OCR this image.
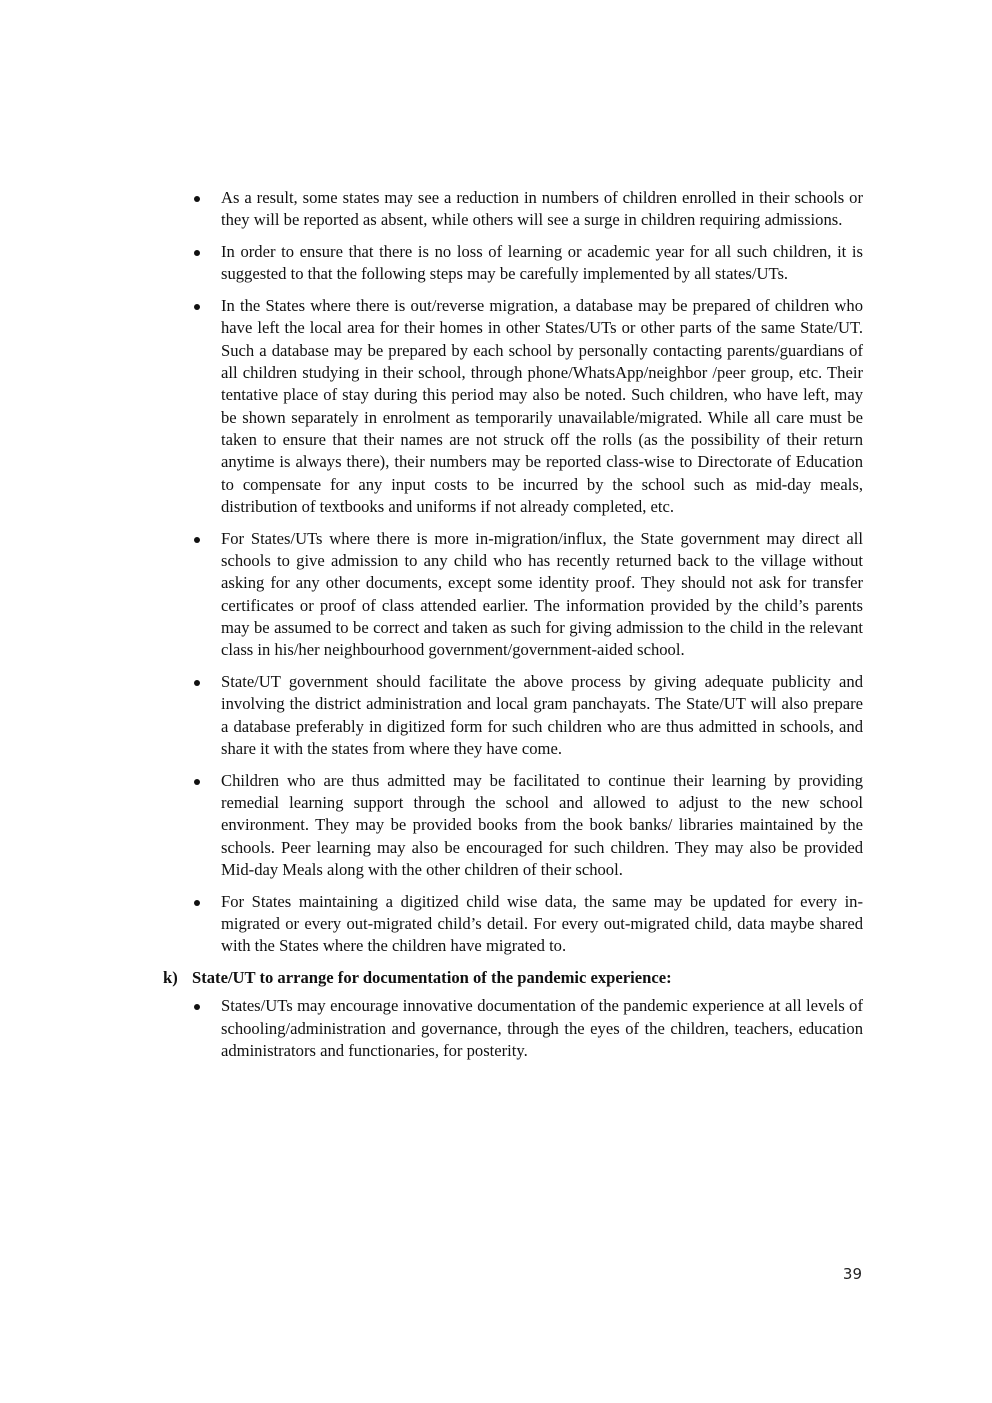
As a result, some states may see a reduction in numbers of children enrolled in their schools or they will be reported as absent, while others will see a surge in children requiring admissions.
In order to ensure that there is no loss of learning or academic year for all such children, it is suggested to that the following steps may be carefully implemented by all states/UTs.
In the States where there is out/reverse migration, a database may be prepared of children who have left the local area for their homes in other States/UTs or other parts of the same State/UT. Such a database may be prepared by each school by personally contacting parents/guardians of all children studying in their school, through phone/WhatsApp/neighbor /peer group, etc. Their tentative place of stay during this period may also be noted. Such children, who have left, may be shown separately in enrolment as temporarily unavailable/migrated. While all care must be taken to ensure that their names are not struck off the rolls (as the possibility of their return anytime is always there), their numbers may be reported class-wise to Directorate of Education to compensate for any input costs to be incurred by the school such as mid-day meals, distribution of textbooks and uniforms if not already completed, etc.
For States/UTs where there is more in-migration/influx, the State government may direct all schools to give admission to any child who has recently returned back to the village without asking for any other documents, except some identity proof. They should not ask for transfer certificates or proof of class attended earlier. The information provided by the child’s parents may be assumed to be correct and taken as such for giving admission to the child in the relevant class in his/her neighbourhood government/government-aided school.
State/UT government should facilitate the above process by giving adequate publicity and involving the district administration and local gram panchayats. The State/UT will also prepare a database preferably in digitized form for such children who are thus admitted in schools, and share it with the states from where they have come.
Children who are thus admitted may be facilitated to continue their learning by providing remedial learning support through the school and allowed to adjust to the new school environment. They may be provided books from the book banks/ libraries maintained by the schools. Peer learning may also be encouraged for such children. They may also be provided Mid-day Meals along with the other children of their school.
For States maintaining a digitized child wise data, the same may be updated for every in-migrated or every out-migrated child’s detail. For every out-migrated child, data maybe shared with the States where the children have migrated to.
k) State/UT to arrange for documentation of the pandemic experience:
States/UTs may encourage innovative documentation of the pandemic experience at all levels of schooling/administration and governance, through the eyes of the children, teachers, education administrators and functionaries, for posterity.
39
